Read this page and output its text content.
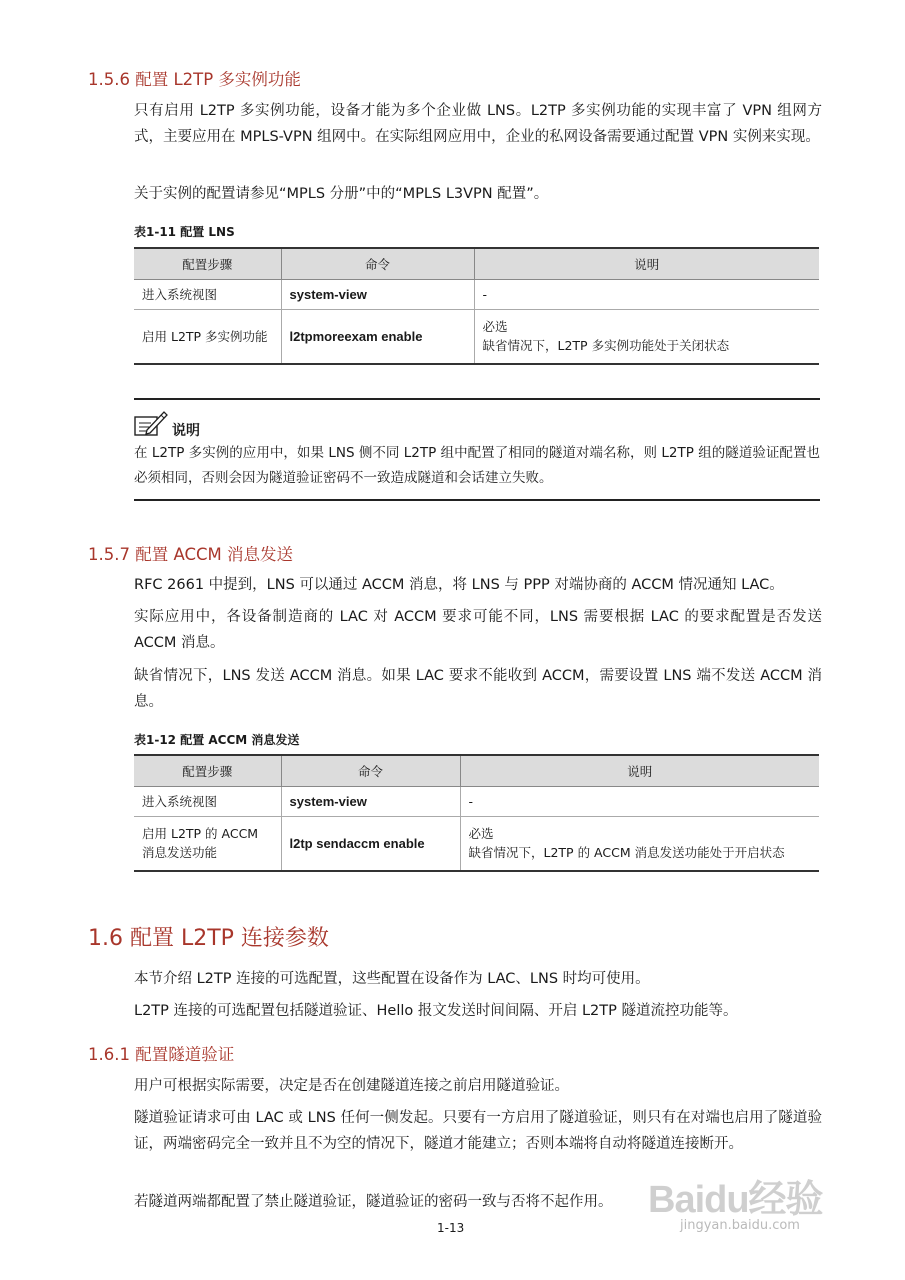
1.5.6 配置 L2TP 多实例功能
只有启用 L2TP 多实例功能，设备才能为多个企业做 LNS。L2TP 多实例功能的实现丰富了 VPN 组网方式，主要应用在 MPLS-VPN 组网中。在实际组网应用中，企业的私网设备需要通过配置 VPN 实例来实现。
关于实例的配置请参见“MPLS 分册”中的“MPLS L3VPN 配置”。
表1-11 配置 LNS
配置步骤	命令	说明
进入系统视图	system-view	-
启用 L2TP 多实例功能	l2tpmoreexam enable	必选
缺省情况下，L2TP 多实例功能处于关闭状态
说明
在 L2TP 多实例的应用中，如果 LNS 侧不同 L2TP 组中配置了相同的隧道对端名称，则 L2TP 组的隧道验证配置也必须相同，否则会因为隧道验证密码不一致造成隧道和会话建立失败。
1.5.7 配置 ACCM 消息发送
RFC 2661 中提到，LNS 可以通过 ACCM 消息，将 LNS 与 PPP 对端协商的 ACCM 情况通知 LAC。
实际应用中，各设备制造商的 LAC 对 ACCM 要求可能不同，LNS 需要根据 LAC 的要求配置是否发送 ACCM 消息。
缺省情况下，LNS 发送 ACCM 消息。如果 LAC 要求不能收到 ACCM，需要设置 LNS 端不发送 ACCM 消息。
表1-12 配置 ACCM 消息发送
配置步骤	命令	说明
进入系统视图	system-view	-
启用 L2TP 的 ACCM 消息发送功能	l2tp sendaccm enable	必选
缺省情况下，L2TP 的 ACCM 消息发送功能处于开启状态
1.6 配置 L2TP 连接参数
本节介绍 L2TP 连接的可选配置，这些配置在设备作为 LAC、LNS 时均可使用。
L2TP 连接的可选配置包括隧道验证、Hello 报文发送时间间隔、开启 L2TP 隧道流控功能等。
1.6.1 配置隧道验证
用户可根据实际需要，决定是否在创建隧道连接之前启用隧道验证。
隧道验证请求可由 LAC 或 LNS 任何一侧发起。只要有一方启用了隧道验证，则只有在对端也启用了隧道验证，两端密码完全一致并且不为空的情况下，隧道才能建立；否则本端将自动将隧道连接断开。
若隧道两端都配置了禁止隧道验证，隧道验证的密码一致与否将不起作用。
1-13
Baidu经验
jingyan.baidu.com
